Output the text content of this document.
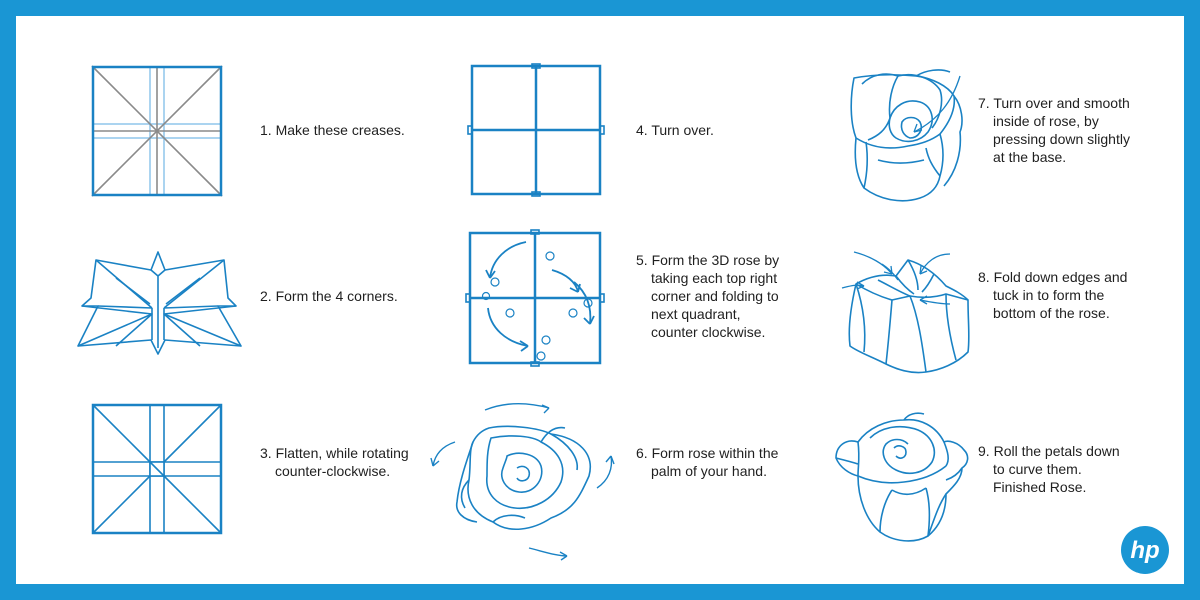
1. Make these creases.
2. Form the 4 corners.
3. Flatten, while rotating
counter-clockwise.
4. Turn over.
5. Form the 3D rose by
taking each top right
corner and folding to
next quadrant,
counter clockwise.
6. Form rose within the
palm of your hand.
7. Turn over and smooth
inside of rose, by
pressing down slightly
at the base.
8. Fold down edges and
tuck in to form the
bottom of the rose.
9. Roll the petals down
to curve them.
Finished Rose.
hp
